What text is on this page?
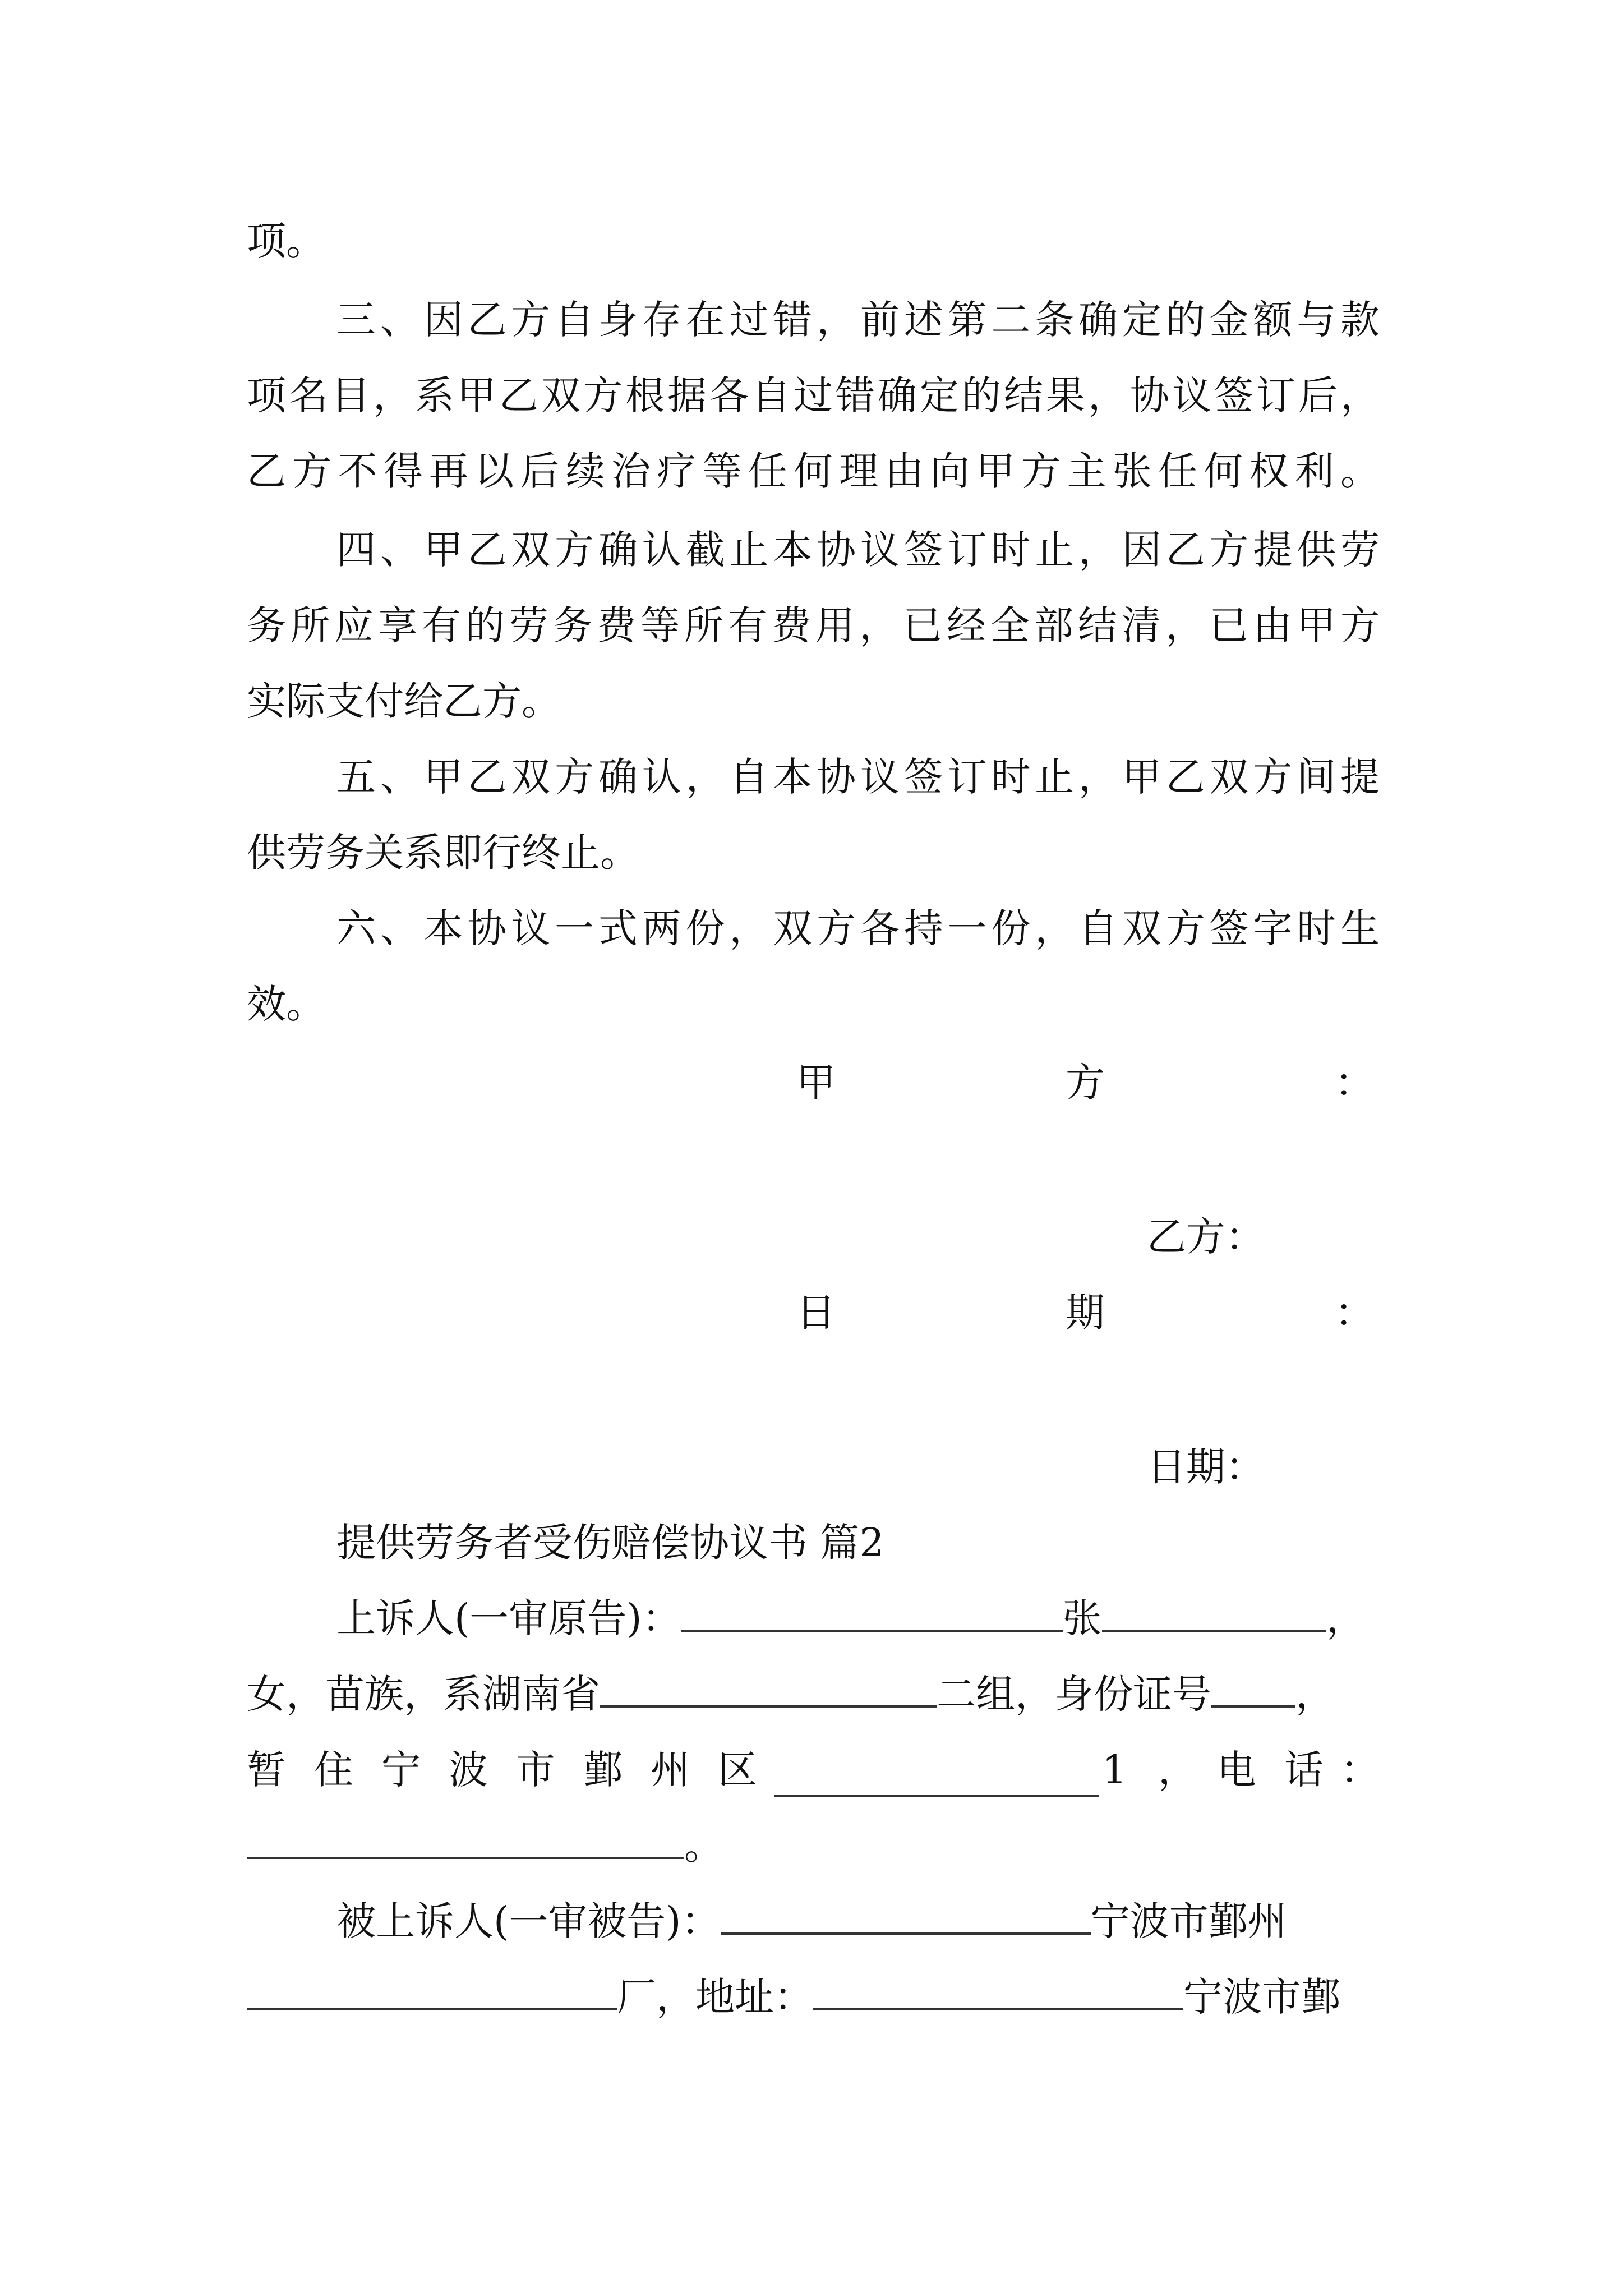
项。
三、因乙方自身存在过错，前述第二条确定的金额与款
项名目，系甲乙双方根据各自过错确定的结果，协议签订后，
乙方不得再以后续治疗等任何理由向甲方主张任何权利。
四、甲乙双方确认截止本协议签订时止，因乙方提供劳
务所应享有的劳务费等所有费用，已经全部结清，已由甲方
实际支付给乙方。
五、甲乙双方确认，自本协议签订时止，甲乙双方间提
供劳务关系即行终止。
六、本协议一式两份，双方各持一份，自双方签字时生
效。
甲	方	：
乙方：
日	期	：
日期：
提供劳务者受伤赔偿协议书 篇2
上诉人(一审原告)：	张	，
女，苗族，系湖南省	二组，身份证号 ，
暂 住 宁 波 市 鄞 州 区	1 ， 电 话 ：
。
被上诉人(一审被告)：	宁波市鄞州
厂，地址：	宁波市鄞
